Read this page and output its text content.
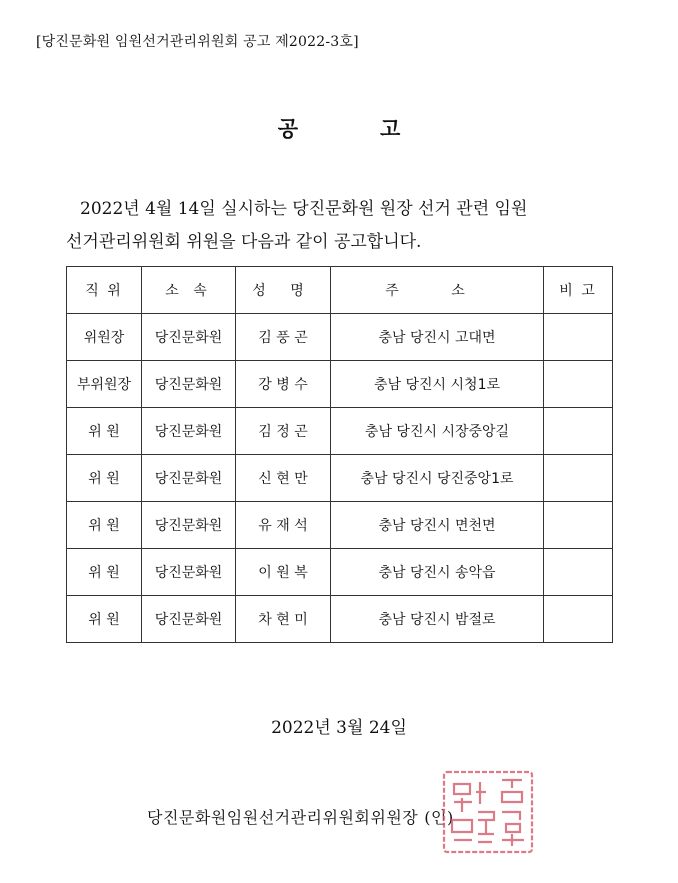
[당진문화원 임원선거관리위원회 공고 제2022-3호]
공	고

2022년 4월 14일 실시하는 당진문화원 원장 선거 관련 임원

선거관리위원회 위원을 다음과 같이 공고합니다.

직 위	소 속	성 명	주 소	비 고
위원장	당진문화원	김 풍 곤	충남 당진시 고대면	
부위원장	당진문화원	강 병 수	충남 당진시 시청1로	
위 원	당진문화원	김 정 곤	충남 당진시 시장중앙길	
위 원	당진문화원	신 현 만	충남 당진시 당진중앙1로	
위 원	당진문화원	유 재 석	충남 당진시 면천면	
위 원	당진문화원	이 원 복	충남 당진시 송악읍	
위 원	당진문화원	차 현 미	충남 당진시 밤절로	
2022년 3월 24일
당진문화원임원선거관리위원회위원장 (인)
